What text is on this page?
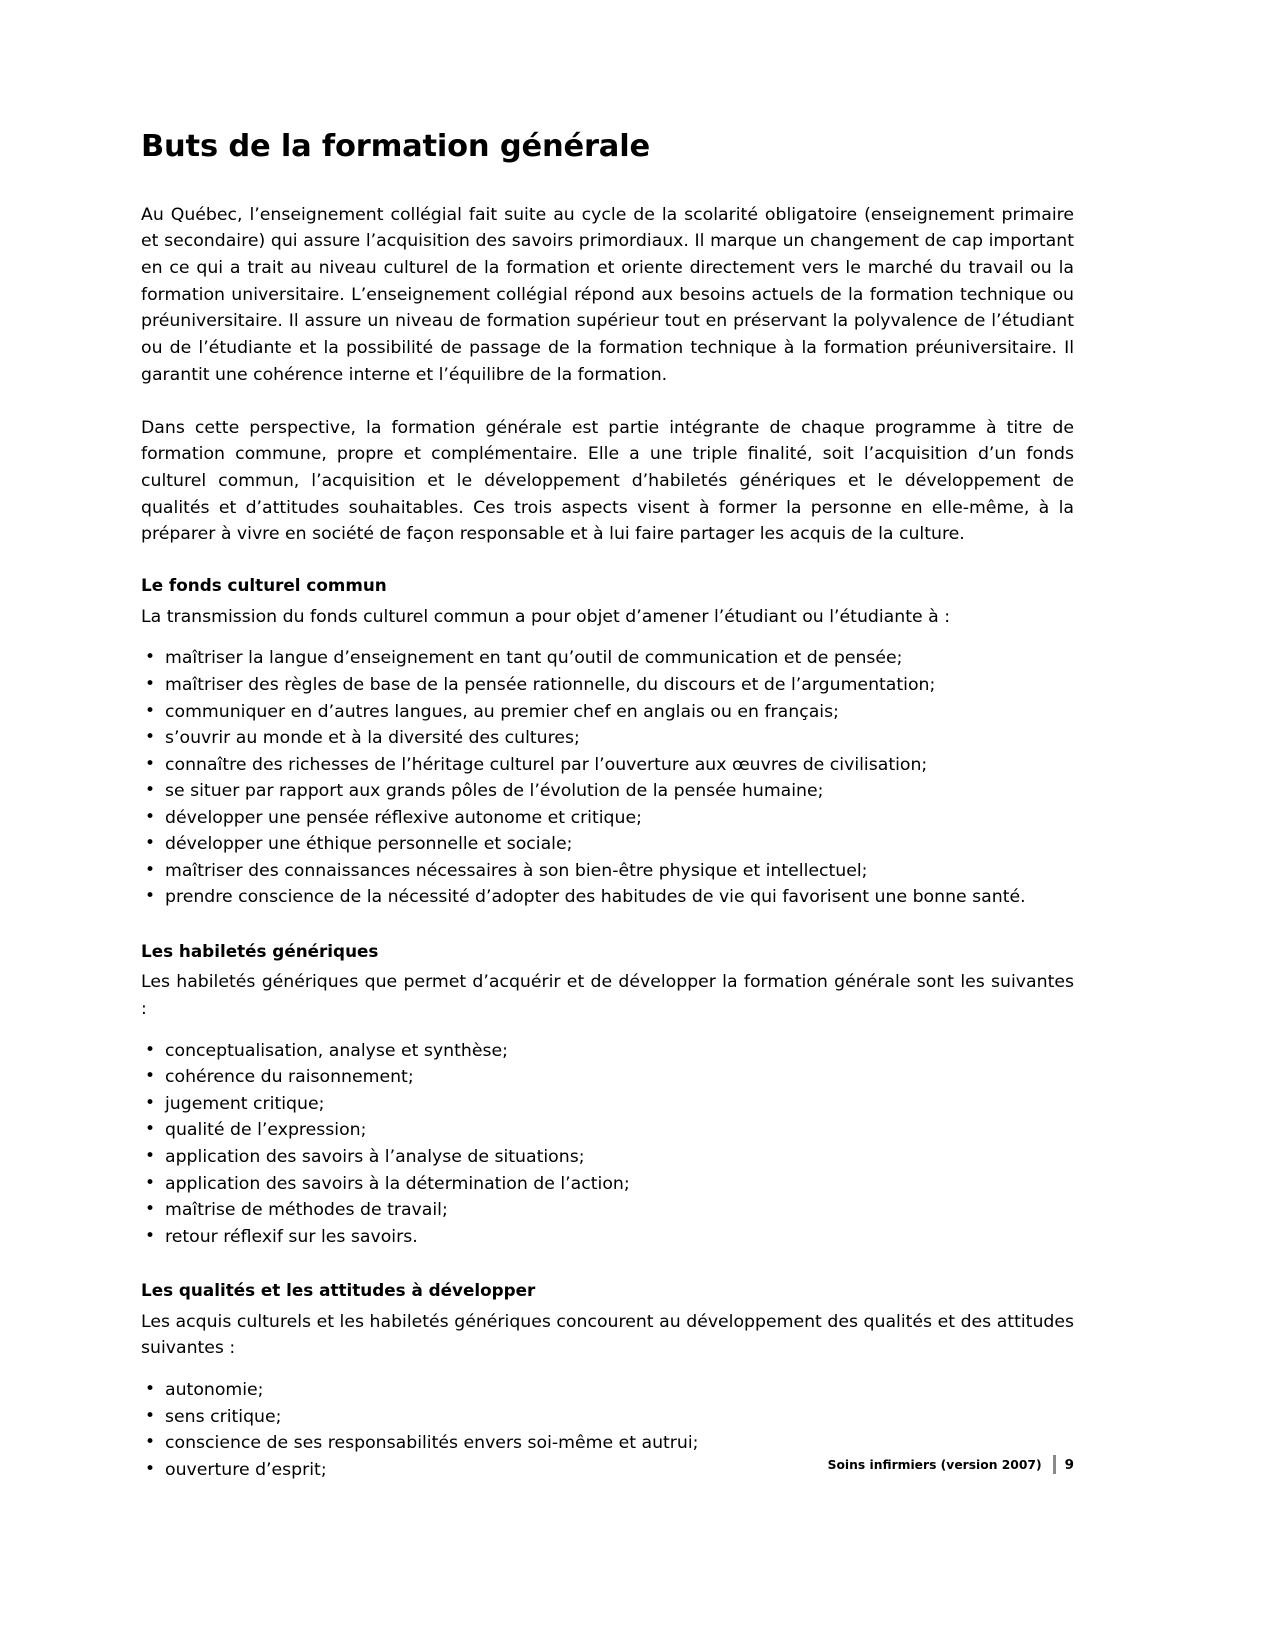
Buts de la formation générale

Au Québec, l’enseignement collégial fait suite au cycle de la scolarité obligatoire (enseignement primaire et secondaire) qui assure l’acquisition des savoirs primordiaux. Il marque un changement de cap important en ce qui a trait au niveau culturel de la formation et oriente directement vers le marché du travail ou la formation universitaire. L’enseignement collégial répond aux besoins actuels de la formation technique ou préuniversitaire. Il assure un niveau de formation supérieur tout en préservant la polyvalence de l’étudiant ou de l’étudiante et la possibilité de passage de la formation technique à la formation préuniversitaire. Il garantit une cohérence interne et l’équilibre de la formation.

Dans cette perspective, la formation générale est partie intégrante de chaque programme à titre de formation commune, propre et complémentaire. Elle a une triple finalité, soit l’acquisition d’un fonds culturel commun, l’acquisition et le développement d’habiletés génériques et le développement de qualités et d’attitudes souhaitables. Ces trois aspects visent à former la personne en elle-même, à la préparer à vivre en société de façon responsable et à lui faire partager les acquis de la culture.

Le fonds culturel commun

La transmission du fonds culturel commun a pour objet d’amener l’étudiant ou l’étudiante à :

• maîtriser la langue d’enseignement en tant qu’outil de communication et de pensée;
• maîtriser des règles de base de la pensée rationnelle, du discours et de l’argumentation;
• communiquer en d’autres langues, au premier chef en anglais ou en français;
• s’ouvrir au monde et à la diversité des cultures;
• connaître des richesses de l’héritage culturel par l’ouverture aux œuvres de civilisation;
• se situer par rapport aux grands pôles de l’évolution de la pensée humaine;
• développer une pensée réflexive autonome et critique;
• développer une éthique personnelle et sociale;
• maîtriser des connaissances nécessaires à son bien-être physique et intellectuel;
• prendre conscience de la nécessité d’adopter des habitudes de vie qui favorisent une bonne santé.
Les habiletés génériques

Les habiletés génériques que permet d’acquérir et de développer la formation générale sont les suivantes :

• conceptualisation, analyse et synthèse;
• cohérence du raisonnement;
• jugement critique;
• qualité de l’expression;
• application des savoirs à l’analyse de situations;
• application des savoirs à la détermination de l’action;
• maîtrise de méthodes de travail;
• retour réflexif sur les savoirs.
Les qualités et les attitudes à développer

Les acquis culturels et les habiletés génériques concourent au développement des qualités et des attitudes suivantes :

• autonomie;
• sens critique;
• conscience de ses responsabilités envers soi-même et autrui;
• ouverture d’esprit;	Soins infirmiers (version 2007) 9
